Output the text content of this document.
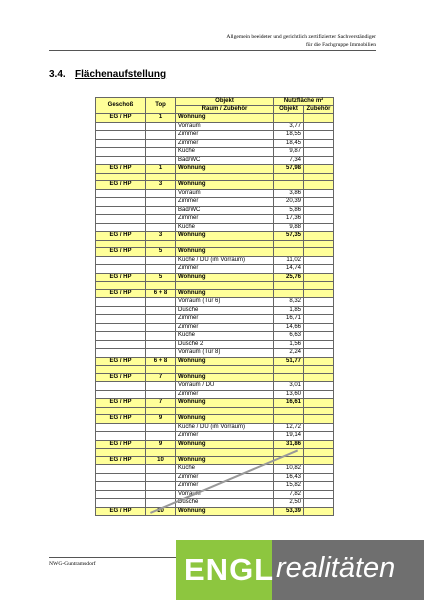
Allgemein beeideter und gerichtlich zertifizierter Sachverständiger
für die Fachgruppe Immobilien
3.4. Flächenaufstellung
Geschoß	Top	Objekt	Nutzfläche m²	
		Raum / Zubehör	Objekt	Zubehör
EG / HP	1	Wohnung		
		Vorraum	3,77	
		Zimmer	18,55	
		Zimmer	18,45	
		Küche	9,87	
		Bad/WC	7,34	
EG / HP	1	Wohnung	57,98	

EG / HP	3	Wohnung		
		Vorraum	3,86	
		Zimmer	20,39	
		Bad/WC	5,86	
		Zimmer	17,36	
		Küche	9,88	
EG / HP	3	Wohnung	57,35	

EG / HP	5	Wohnung		
		Küche / DU (im Vorraum)	11,02	
		Zimmer	14,74	
EG / HP	5	Wohnung	25,76	

EG / HP	6 + 8	Wohnung		
		Vorraum (Tür 6)	8,32	
		Dusche	1,85	
		Zimmer	16,71	
		Zimmer	14,66	
		Küche	6,63	
		Dusche 2	1,56	
		Vorraum (Tür 8)	2,24	
EG / HP	6 + 8	Wohnung	51,77	

EG / HP	7	Wohnung		
		Vorraum / DU	3,01	
		Zimmer	13,60	
EG / HP	7	Wohnung	16,61	

EG / HP	9	Wohnung		
		Küche / DU (im Vorraum)	12,72	
		Zimmer	19,14	
EG / HP	9	Wohnung	31,86	

EG / HP	10	Wohnung		
		Küche	10,82	
		Zimmer	16,43	
		Zimmer	15,82	
		Vorraum	7,82	
		Dusche	2,50	
EG / HP	10	Wohnung	53,39	
NWG-Guntramsdorf	ENGL realitäten
